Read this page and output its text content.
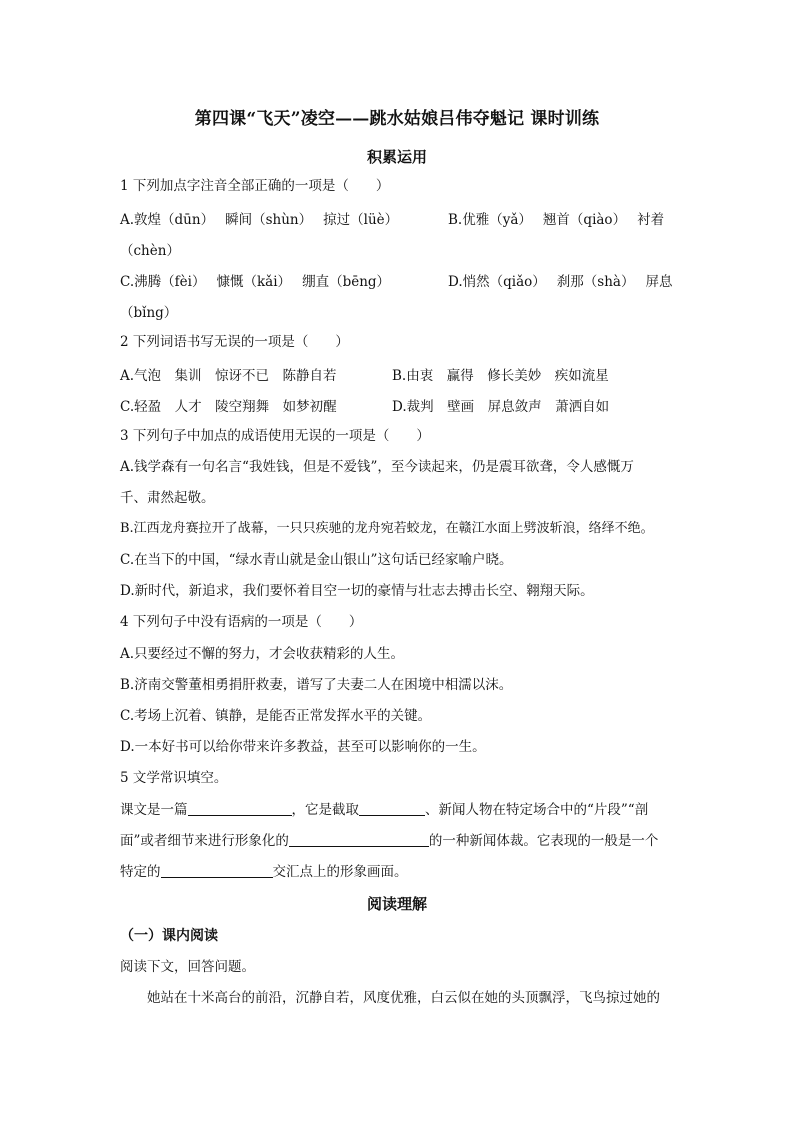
第四课“飞天”凌空——跳水姑娘吕伟夺魁记 课时训练
积累运用
1 下列加点字注音全部正确的一项是（　　）
A.敦煌（dūn）　 瞬间（shùn）　 掠过（lüè）	B.优雅（yǎ）　 翘首（qiào）　 衬着
（chèn）
C.沸腾（fèi）　 慷慨（kǎi）　 绷直（bēng）	D.悄然（qiǎo）　 刹那（shà）　 屏息
（bǐng）
2 下列词语书写无误的一项是（　　）
A.气泡　集训　惊讶不已　陈静自若	B.由衷　赢得　修长美妙　疾如流星
C.轻盈　人才　陵空翔舞　如梦初醒	D.裁判　壁画　屏息敛声　萧洒自如
3 下列句子中加点的成语使用无误的一项是（　　）
A.钱学森有一句名言“我姓钱，但是不爱钱”，至今读起来，仍是震耳欲聋，令人感慨万
千、肃然起敬。
B.江西龙舟赛拉开了战幕，一只只疾驰的龙舟宛若蛟龙，在赣江水面上劈波斩浪，络绎不绝。
C.在当下的中国，“绿水青山就是金山银山”这句话已经家喻户晓。
D.新时代，新追求，我们要怀着目空一切的豪情与壮志去搏击长空、翱翔天际。
4 下列句子中没有语病的一项是（　　）
A.只要经过不懈的努力，才会收获精彩的人生。
B.济南交警董相勇捐肝救妻，谱写了夫妻二人在困境中相濡以沫。
C.考场上沉着、镇静，是能否正常发挥水平的关键。
D.一本好书可以给你带来许多教益，甚至可以影响你的一生。
5 文学常识填空。
课文是一篇	，它是截取	、新闻人物在特定场合中的“片段”“剖
面”或者细节来进行形象化的	的一种新闻体裁。它表现的一般是一个
特定的	交汇点上的形象画面。
阅读理解
（一）课内阅读
阅读下文，回答问题。
　　她站在十米高台的前沿，沉静自若，风度优雅，白云似在她的头顶飘浮，飞鸟掠过她的
